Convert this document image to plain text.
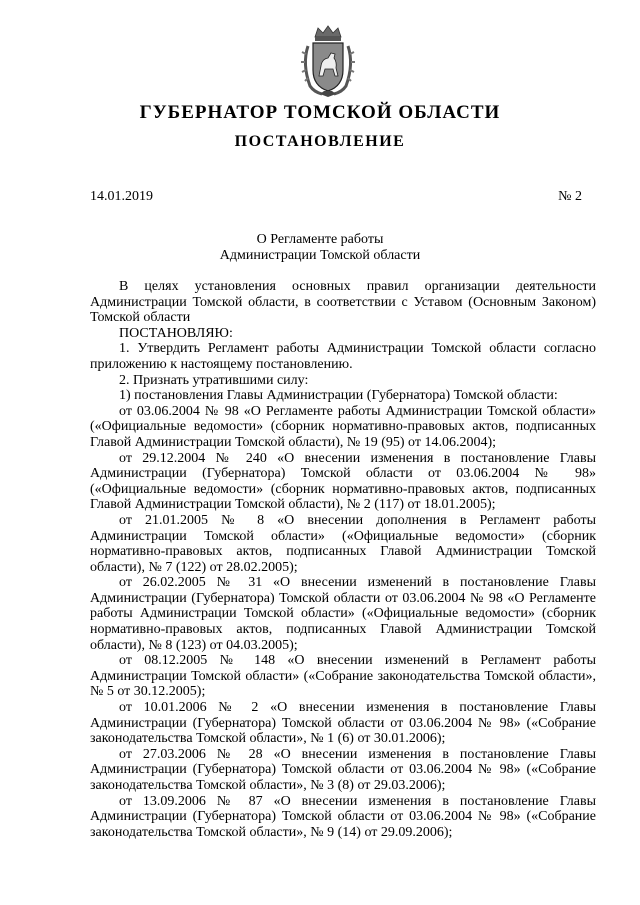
ГУБЕРНАТОР ТОМСКОЙ ОБЛАСТИ
ПОСТАНОВЛЕНИЕ
14.01.2019	№ 2
О Регламенте работы
Администрации Томской области

В целях установления основных правил организации деятельности Администрации Томской области, в соответствии с Уставом (Основным Законом) Томской области

ПОСТАНОВЛЯЮ:

1. Утвердить Регламент работы Администрации Томской области согласно приложению к настоящему постановлению.

2. Признать утратившими силу:

1) постановления Главы Администрации (Губернатора) Томской области:

от 03.06.2004 № 98 «О Регламенте работы Администрации Томской области» («Официальные ведомости» (сборник нормативно-правовых актов, подписанных Главой Администрации Томской области), № 19 (95) от 14.06.2004);

от 29.12.2004 № 240 «О внесении изменения в постановление Главы Администрации (Губернатора) Томской области от 03.06.2004 № 98» («Официальные ведомости» (сборник нормативно-правовых актов, подписанных Главой Администрации Томской области), № 2 (117) от 18.01.2005);

от 21.01.2005 № 8 «О внесении дополнения в Регламент работы Администрации Томской области» («Официальные ведомости» (сборник нормативно-правовых актов, подписанных Главой Администрации Томской области), № 7 (122) от 28.02.2005);

от 26.02.2005 № 31 «О внесении изменений в постановление Главы Администрации (Губернатора) Томской области от 03.06.2004 № 98 «О Регламенте работы Администрации Томской области» («Официальные ведомости» (сборник нормативно-правовых актов, подписанных Главой Администрации Томской области), № 8 (123) от 04.03.2005);

от 08.12.2005 № 148 «О внесении изменений в Регламент работы Администрации Томской области» («Собрание законодательства Томской области», № 5 от 30.12.2005);

от 10.01.2006 № 2 «О внесении изменения в постановление Главы Администрации (Губернатора) Томской области от 03.06.2004 № 98» («Собрание законодательства Томской области», № 1 (6) от 30.01.2006);

от 27.03.2006 № 28 «О внесении изменения в постановление Главы Администрации (Губернатора) Томской области от 03.06.2004 № 98» («Собрание законодательства Томской области», № 3 (8) от 29.03.2006);

от 13.09.2006 № 87 «О внесении изменения в постановление Главы Администрации (Губернатора) Томской области от 03.06.2004 № 98» («Собрание законодательства Томской области», № 9 (14) от 29.09.2006);
